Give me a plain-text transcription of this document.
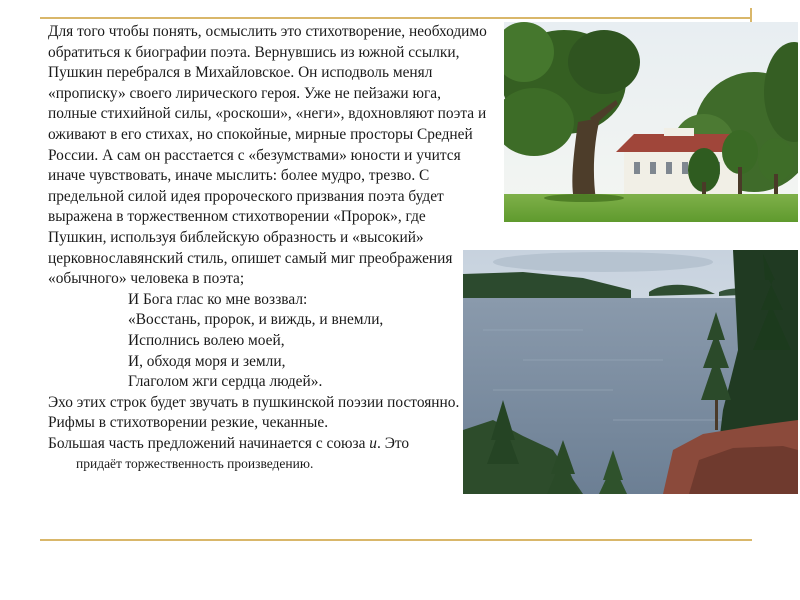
Для того чтобы понять, осмыслить это стихотворение, необходимо обратиться к биографии поэта. Вернувшись из южной ссылки, Пушкин перебрался в Михайловское. Он исподволь менял «прописку» своего лирического героя. Уже не пейзажи юга, полные стихийной силы, «роскоши», «неги», вдохновляют поэта и оживают в его стихах, но спокойные, мирные просторы Средней России. А сам он расстается с «безумствами» юности и учится иначе чувствовать, иначе мыслить: более мудро, трезво. С предельной силой идея пророческого призвания поэта будет выражена в торжественном стихотворении «Пророк», где Пушкин, используя библейскую образность и «высокий» церковнославянский стиль, опишет самый миг преображения «обычного» человека в поэта;

И Бога глас ко мне воззвал:

«Восстань, пророк, и виждь, и внемли,

Исполнись волею моей,

И, обходя моря и земли,

Глаголом жги сердца людей».

Эхо этих строк будет звучать в пушкинской поэзии постоянно. Рифмы в стихотворении резкие, чеканные.

Большая часть предложений начинается с союза и. Это
придаёт торжественность произведению.
